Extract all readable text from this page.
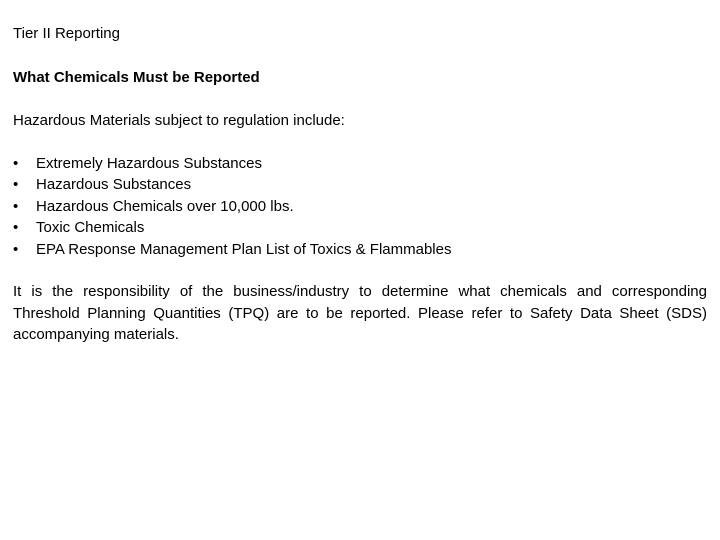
Tier II Reporting

What Chemicals Must be Reported

Hazardous Materials subject to regulation include:

• Extremely Hazardous Substances
• Hazardous Substances
• Hazardous Chemicals over 10,000 lbs.
• Toxic Chemicals
• EPA Response Management Plan List of Toxics & Flammables

It is the responsibility of the business/industry to determine what chemicals and corresponding Threshold Planning Quantities (TPQ) are to be reported. Please refer to Safety Data Sheet (SDS) accompanying materials.
